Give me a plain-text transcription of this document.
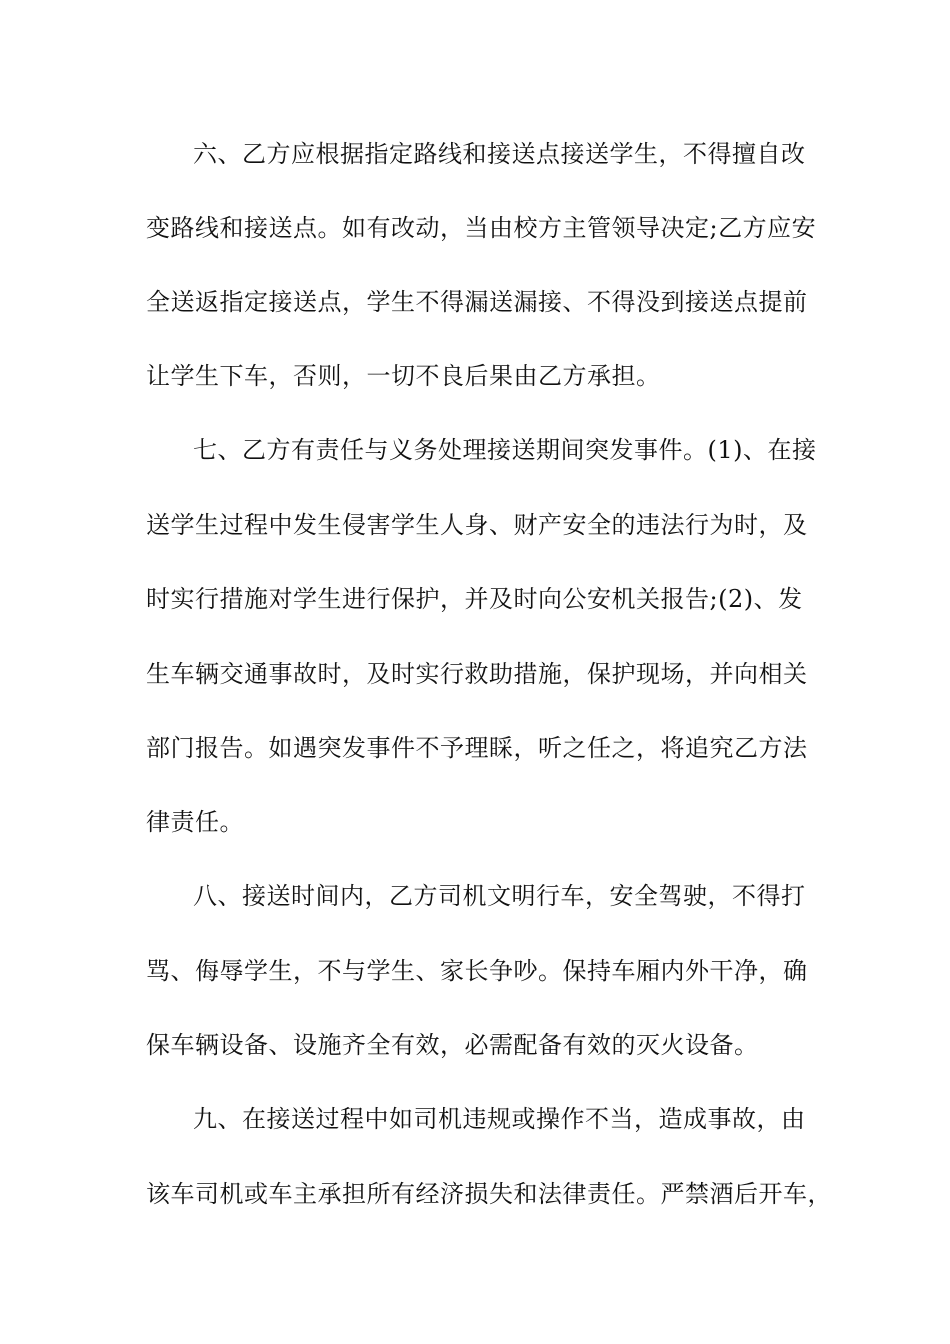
六、乙方应根据指定路线和接送点接送学生，不得擅自改
变路线和接送点。如有改动，当由校方主管领导决定;乙方应安
全送返指定接送点，学生不得漏送漏接、不得没到接送点提前
让学生下车，否则，一切不良后果由乙方承担。
七、乙方有责任与义务处理接送期间突发事件。(1)、在接
送学生过程中发生侵害学生人身、财产安全的违法行为时，及
时实行措施对学生进行保护，并及时向公安机关报告;(2)、发
生车辆交通事故时，及时实行救助措施，保护现场，并向相关
部门报告。如遇突发事件不予理睬，听之任之，将追究乙方法
律责任。
八、接送时间内，乙方司机文明行车，安全驾驶，不得打
骂、侮辱学生，不与学生、家长争吵。保持车厢内外干净，确
保车辆设备、设施齐全有效，必需配备有效的灭火设备。
九、在接送过程中如司机违规或操作不当，造成事故，由
该车司机或车主承担所有经济损失和法律责任。严禁酒后开车，
